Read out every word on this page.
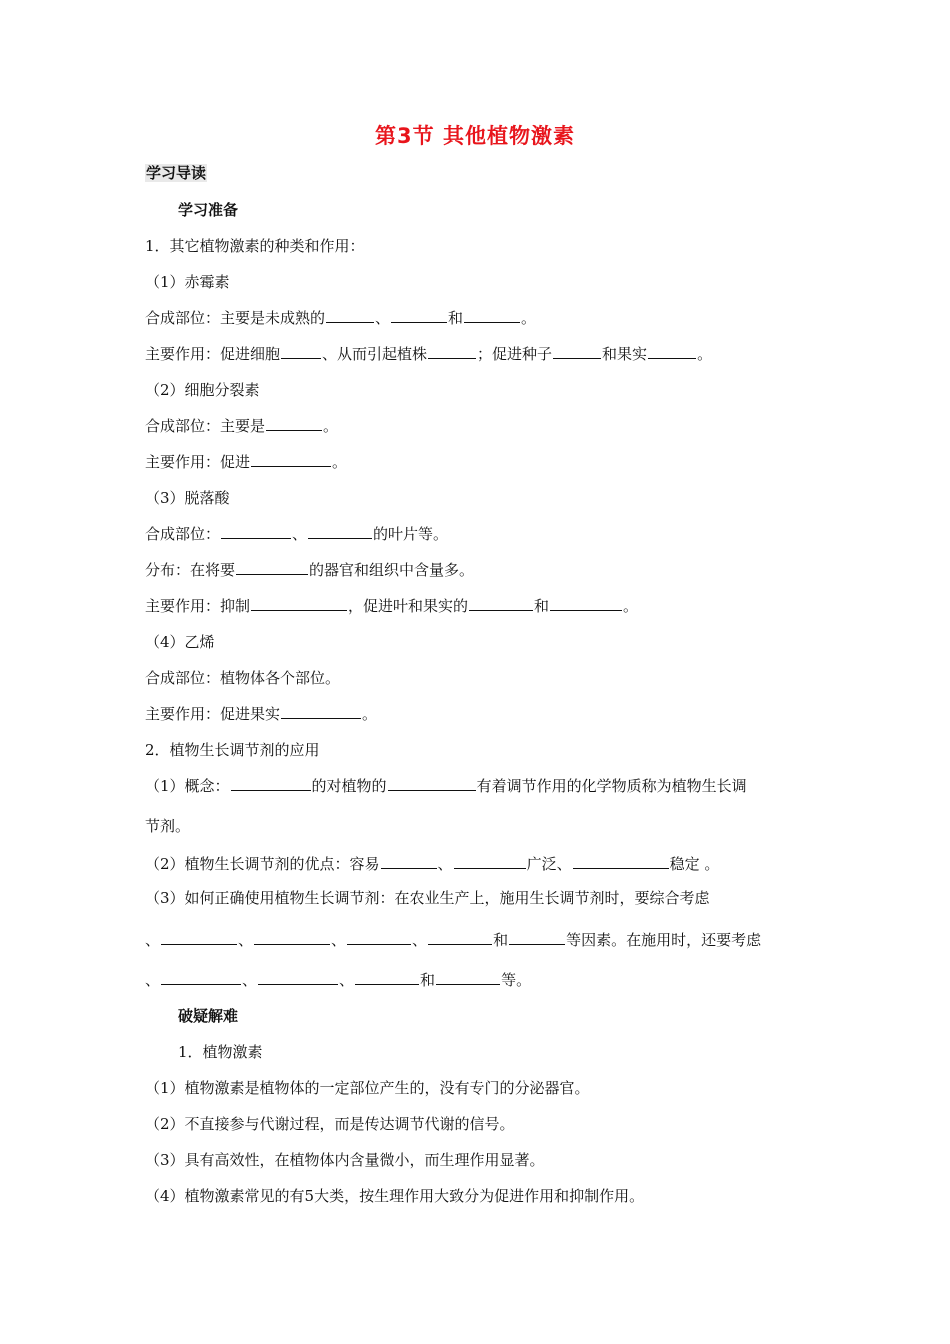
第3节 其他植物激素
学习导读
学习准备
1．其它植物激素的种类和作用：
（1）赤霉素
合成部位：主要是未成熟的	、	和	。
主要作用：促进细胞	、从而引起植株	；促进种子	和果实	。
（2）细胞分裂素
合成部位：主要是	。
主要作用：促进	。
（3）脱落酸
合成部位：	、	的叶片等。
分布：在将要	的器官和组织中含量多。
主要作用：抑制	，促进叶和果实的	和	。
（4）乙烯
合成部位：植物体各个部位。
主要作用：促进果实	。
2．植物生长调节剂的应用
（1）概念：	的对植物的	有着调节作用的化学物质称为植物生长调
节剂。
（2）植物生长调节剂的优点：容易	、	广泛、	稳定 。
（3）如何正确使用植物生长调节剂：在农业生产上，施用生长调节剂时，要综合考虑
、	、	、	、	和	等因素。在施用时，还要考虑
、	、	、	和	等。
破疑解难
1．植物激素
（1）植物激素是植物体的一定部位产生的，没有专门的分泌器官。
（2）不直接参与代谢过程，而是传达调节代谢的信号。
（3）具有高效性，在植物体内含量微小，而生理作用显著。
（4）植物激素常见的有5大类，按生理作用大致分为促进作用和抑制作用。
